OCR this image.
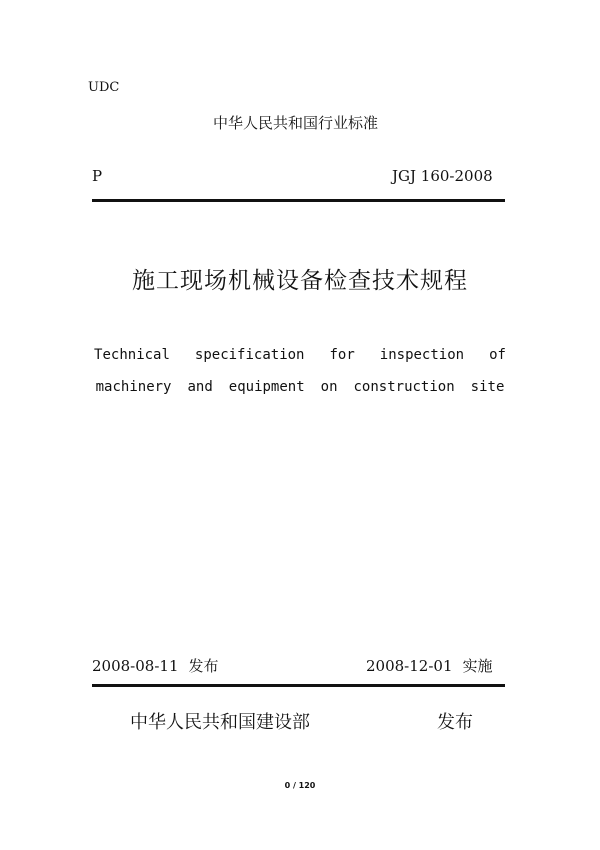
UDC
中华人民共和国行业标准
P	JGJ 160-2008
施工现场机械设备检查技术规程
Technical specification for inspection of
machinery and equipment on construction site
2008-08-11 发布	2008-12-01 实施
中华人民共和国建设部	发布
0 / 120
